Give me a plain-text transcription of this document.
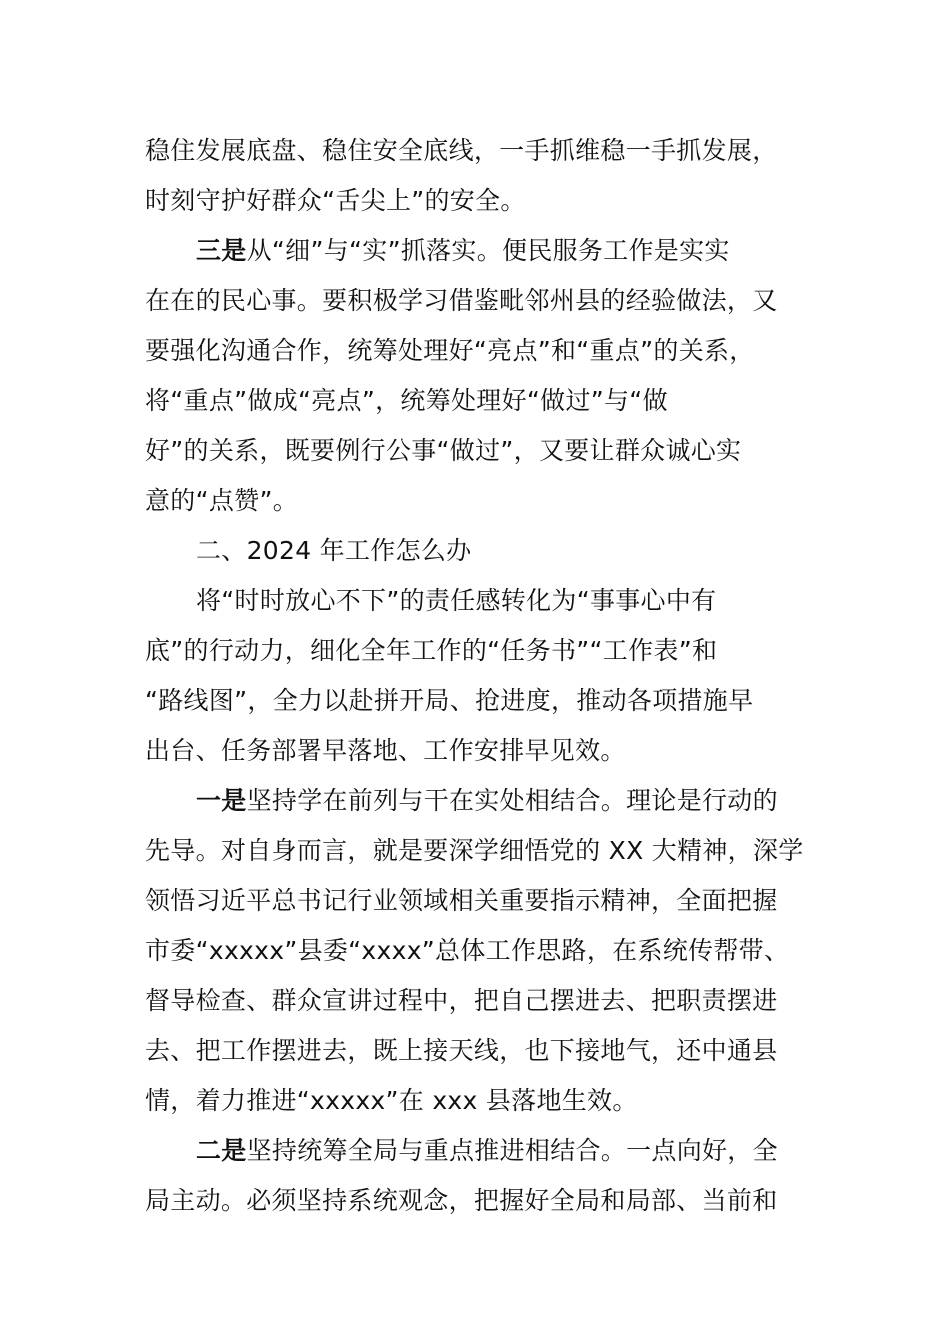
稳住发展底盘、稳住安全底线，一手抓维稳一手抓发展，
时刻守护好群众“舌尖上”的安全。
三是从“细”与“实”抓落实。便民服务工作是实实
在在的民心事。要积极学习借鉴毗邻州县的经验做法，又
要强化沟通合作，统筹处理好“亮点”和“重点”的关系，
将“重点”做成“亮点”，统筹处理好“做过”与“做
好”的关系，既要例行公事“做过”，又要让群众诚心实
意的“点赞”。
二、2024 年工作怎么办
将“时时放心不下”的责任感转化为“事事心中有
底”的行动力，细化全年工作的“任务书”“工作表”和
“路线图”，全力以赴拼开局、抢进度，推动各项措施早
出台、任务部署早落地、工作安排早见效。
一是坚持学在前列与干在实处相结合。理论是行动的
先导。对自身而言，就是要深学细悟党的 XX 大精神，深学
领悟习近平总书记行业领域相关重要指示精神，全面把握
市委“xxxxx”县委“xxxx”总体工作思路，在系统传帮带、
督导检查、群众宣讲过程中，把自己摆进去、把职责摆进
去、把工作摆进去，既上接天线，也下接地气，还中通县
情，着力推进“xxxxx”在 xxx 县落地生效。
二是坚持统筹全局与重点推进相结合。一点向好，全
局主动。必须坚持系统观念，把握好全局和局部、当前和
